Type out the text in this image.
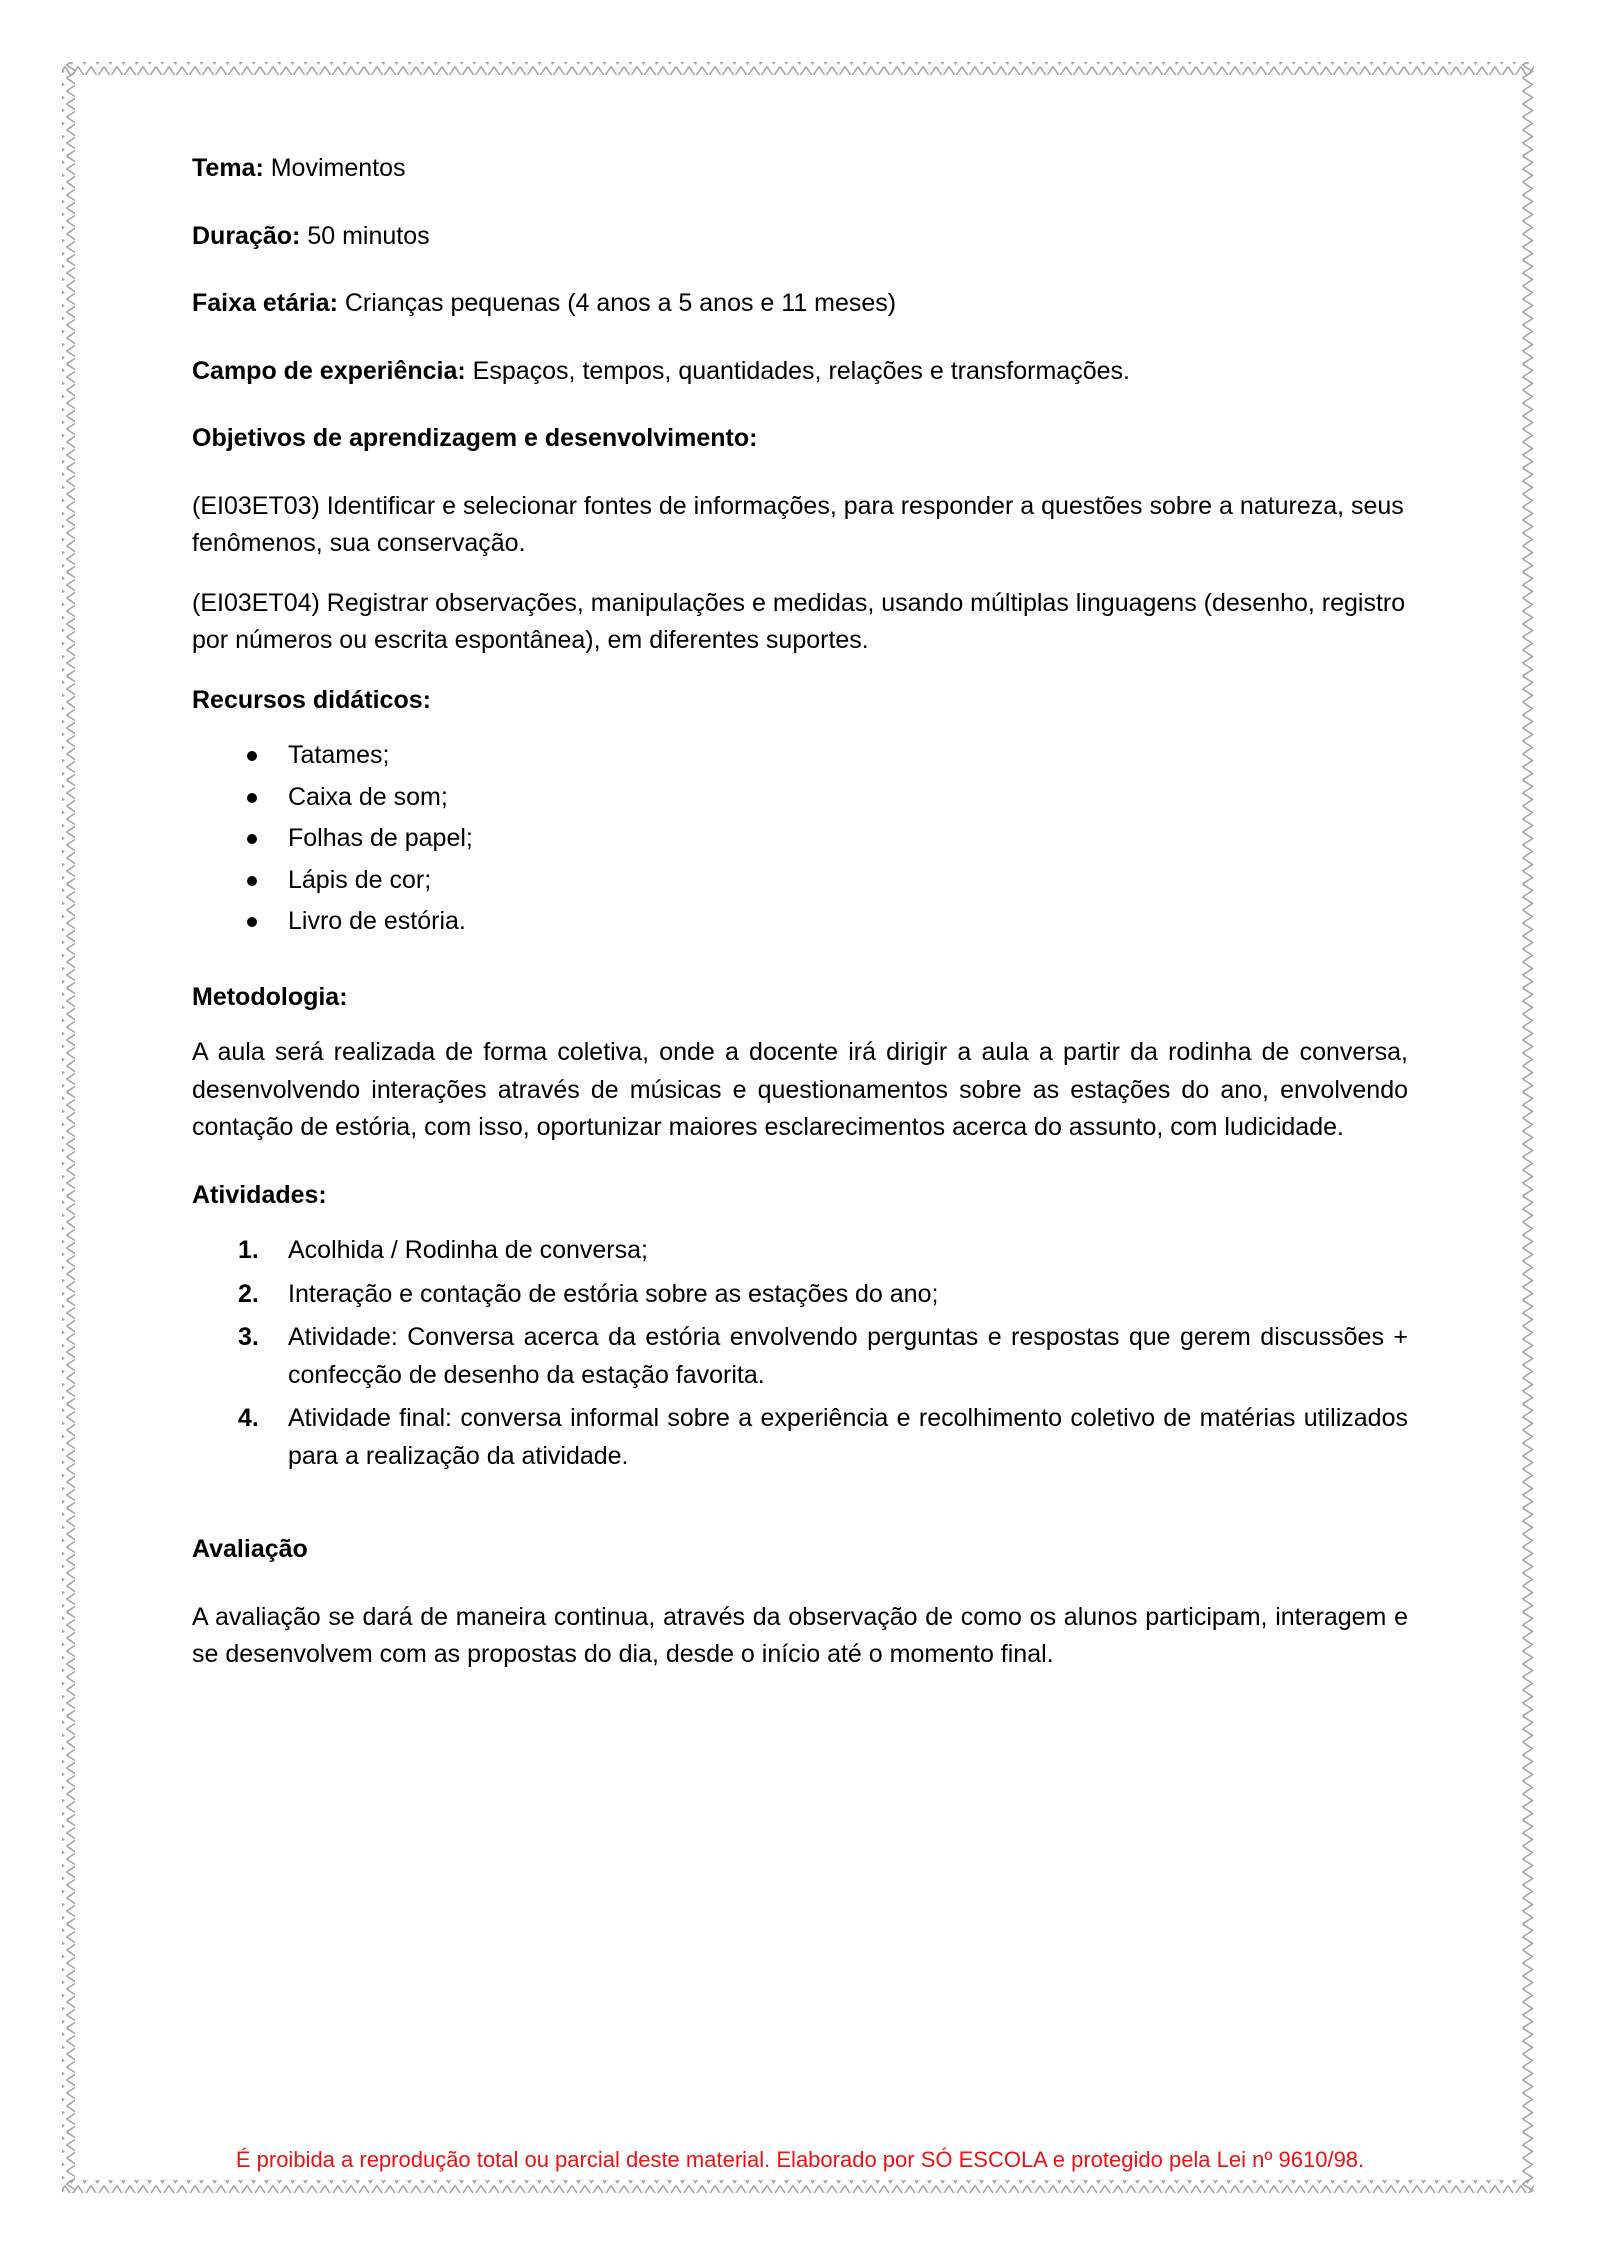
Tema: Movimentos

Duração: 50 minutos

Faixa etária: Crianças pequenas (4 anos a 5 anos e 11 meses)

Campo de experiência: Espaços, tempos, quantidades, relações e transformações.

Objetivos de aprendizagem e desenvolvimento:

(EI03ET03) Identificar e selecionar fontes de informações, para responder a questões sobre a natureza, seus fenômenos, sua conservação.

(EI03ET04) Registrar observações, manipulações e medidas, usando múltiplas linguagens (desenho, registro por números ou escrita espontânea), em diferentes suportes.

Recursos didáticos:

Tatames;
Caixa de som;
Folhas de papel;
Lápis de cor;
Livro de estória.

Metodologia:

A aula será realizada de forma coletiva, onde a docente irá dirigir a aula a partir da rodinha de conversa, desenvolvendo interações através de músicas e questionamentos sobre as estações do ano, envolvendo contação de estória, com isso, oportunizar maiores esclarecimentos acerca do assunto, com ludicidade.

Atividades:

Acolhida / Rodinha de conversa;
Interação e contação de estória sobre as estações do ano;
Atividade: Conversa acerca da estória envolvendo perguntas e respostas que gerem discussões + confecção de desenho da estação favorita.
Atividade final: conversa informal sobre a experiência e recolhimento coletivo de matérias utilizados para a realização da atividade.

Avaliação

A avaliação se dará de maneira continua, através da observação de como os alunos participam, interagem e se desenvolvem com as propostas do dia, desde o início até o momento final.

É proibida a reprodução total ou parcial deste material. Elaborado por SÓ ESCOLA e protegido pela Lei nº 9610/98.
